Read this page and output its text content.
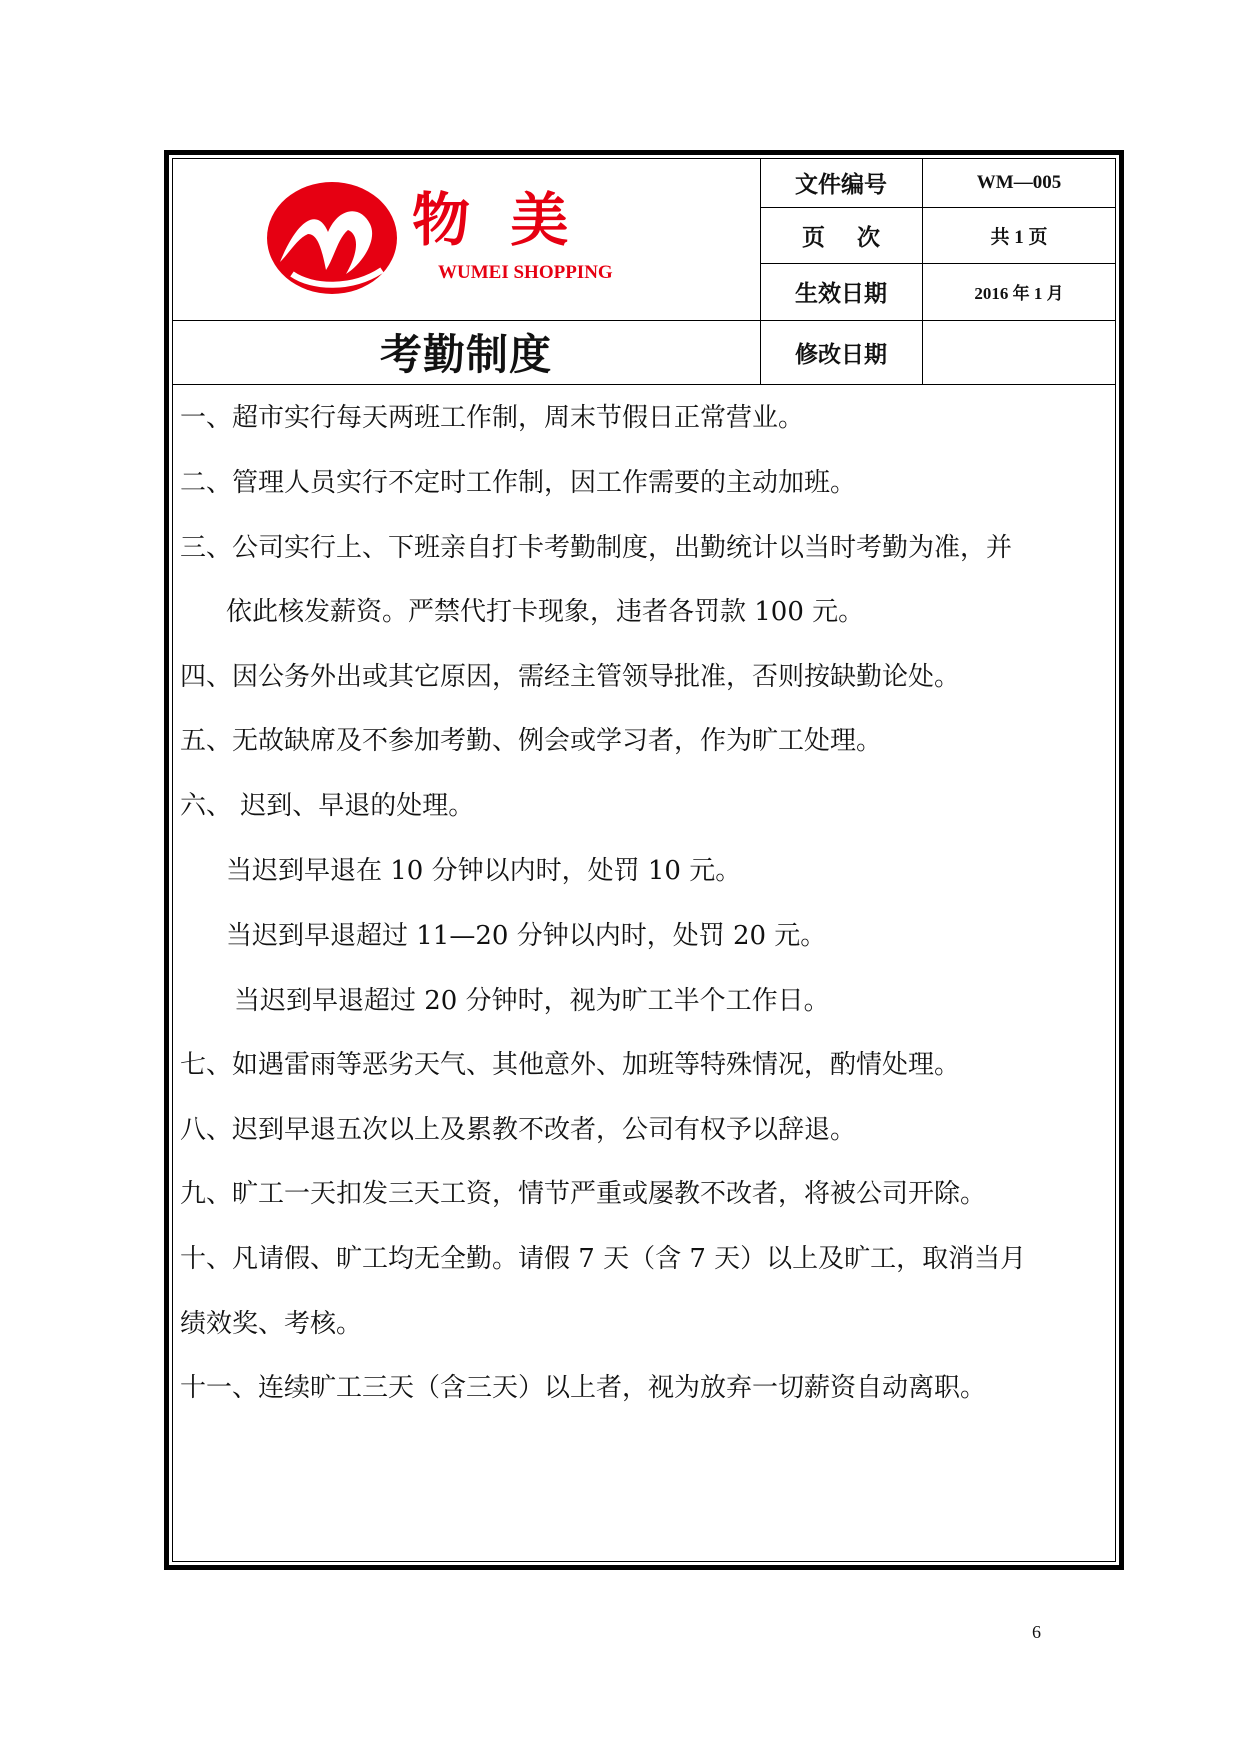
物  美
WUMEI SHOPPING
文件编号	WM—005
页    次	共 1 页
生效日期	2016 年 1 月
修改日期
考勤制度
一、超市实行每天两班工作制，周末节假日正常营业。
二、管理人员实行不定时工作制，因工作需要的主动加班。
三、公司实行上、下班亲自打卡考勤制度，出勤统计以当时考勤为准，并
依此核发薪资。严禁代打卡现象，违者各罚款 100 元。
四、因公务外出或其它原因，需经主管领导批准，否则按缺勤论处。
五、无故缺席及不参加考勤、例会或学习者，作为旷工处理。
六、 迟到、早退的处理。
当迟到早退在 10 分钟以内时，处罚 10 元。
当迟到早退超过 11—20 分钟以内时，处罚 20 元。
当迟到早退超过 20 分钟时，视为旷工半个工作日。
七、如遇雷雨等恶劣天气、其他意外、加班等特殊情况，酌情处理。
八、迟到早退五次以上及累教不改者，公司有权予以辞退。
九、旷工一天扣发三天工资，情节严重或屡教不改者，将被公司开除。
十、凡请假、旷工均无全勤。请假 7 天（含 7 天）以上及旷工，取消当月
绩效奖、考核。
十一、连续旷工三天（含三天）以上者，视为放弃一切薪资自动离职。
6
